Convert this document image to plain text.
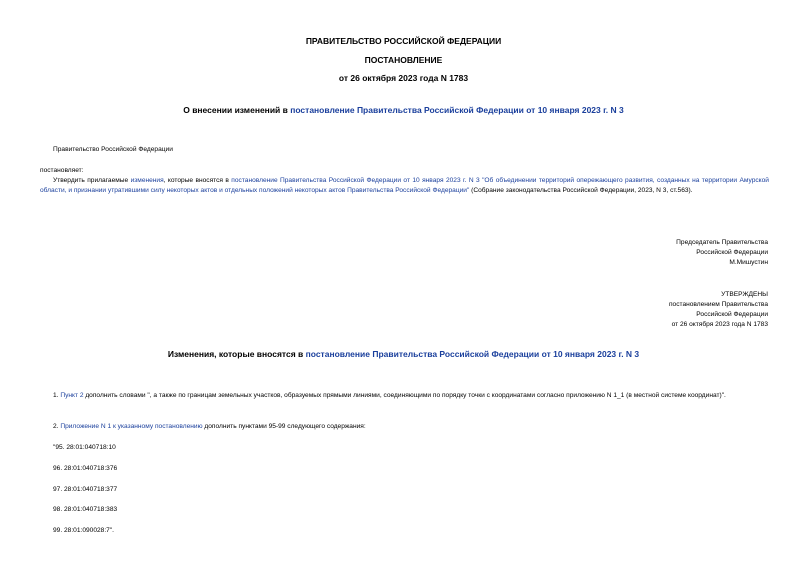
ПРАВИТЕЛЬСТВО РОССИЙСКОЙ ФЕДЕРАЦИИ
ПОСТАНОВЛЕНИЕ
от 26 октября 2023 года N 1783
О внесении изменений в постановление Правительства Российской Федерации от 10 января 2023 г. N 3
Правительство Российской Федерации
постановляет:
Утвердить прилагаемые изменения, которые вносятся в постановление Правительства Российской Федерации от 10 января 2023 г. N 3 "Об объединении территорий опережающего развития, созданных на территории Амурской области, и признании утратившими силу некоторых актов и отдельных положений некоторых актов Правительства Российской Федерации" (Собрание законодательства Российской Федерации, 2023, N 3, ст.563).
Председатель Правительства
Российской Федерации
М.Мишустин
УТВЕРЖДЕНЫ
постановлением Правительства
Российской Федерации
от 26 октября 2023 года N 1783
Изменения, которые вносятся в постановление Правительства Российской Федерации от 10 января 2023 г. N 3
1. Пункт 2 дополнить словами ", а также по границам земельных участков, образуемых прямыми линиями, соединяющими по порядку точки с координатами согласно приложению N 1_1 (в местной системе координат)".
2. Приложение N 1 к указанному постановлению дополнить пунктами 95-99 следующего содержания:
"95. 28:01:040718:10
96. 28:01:040718:376
97. 28:01:040718:377
98. 28:01:040718:383
99. 28:01:090028:7".
